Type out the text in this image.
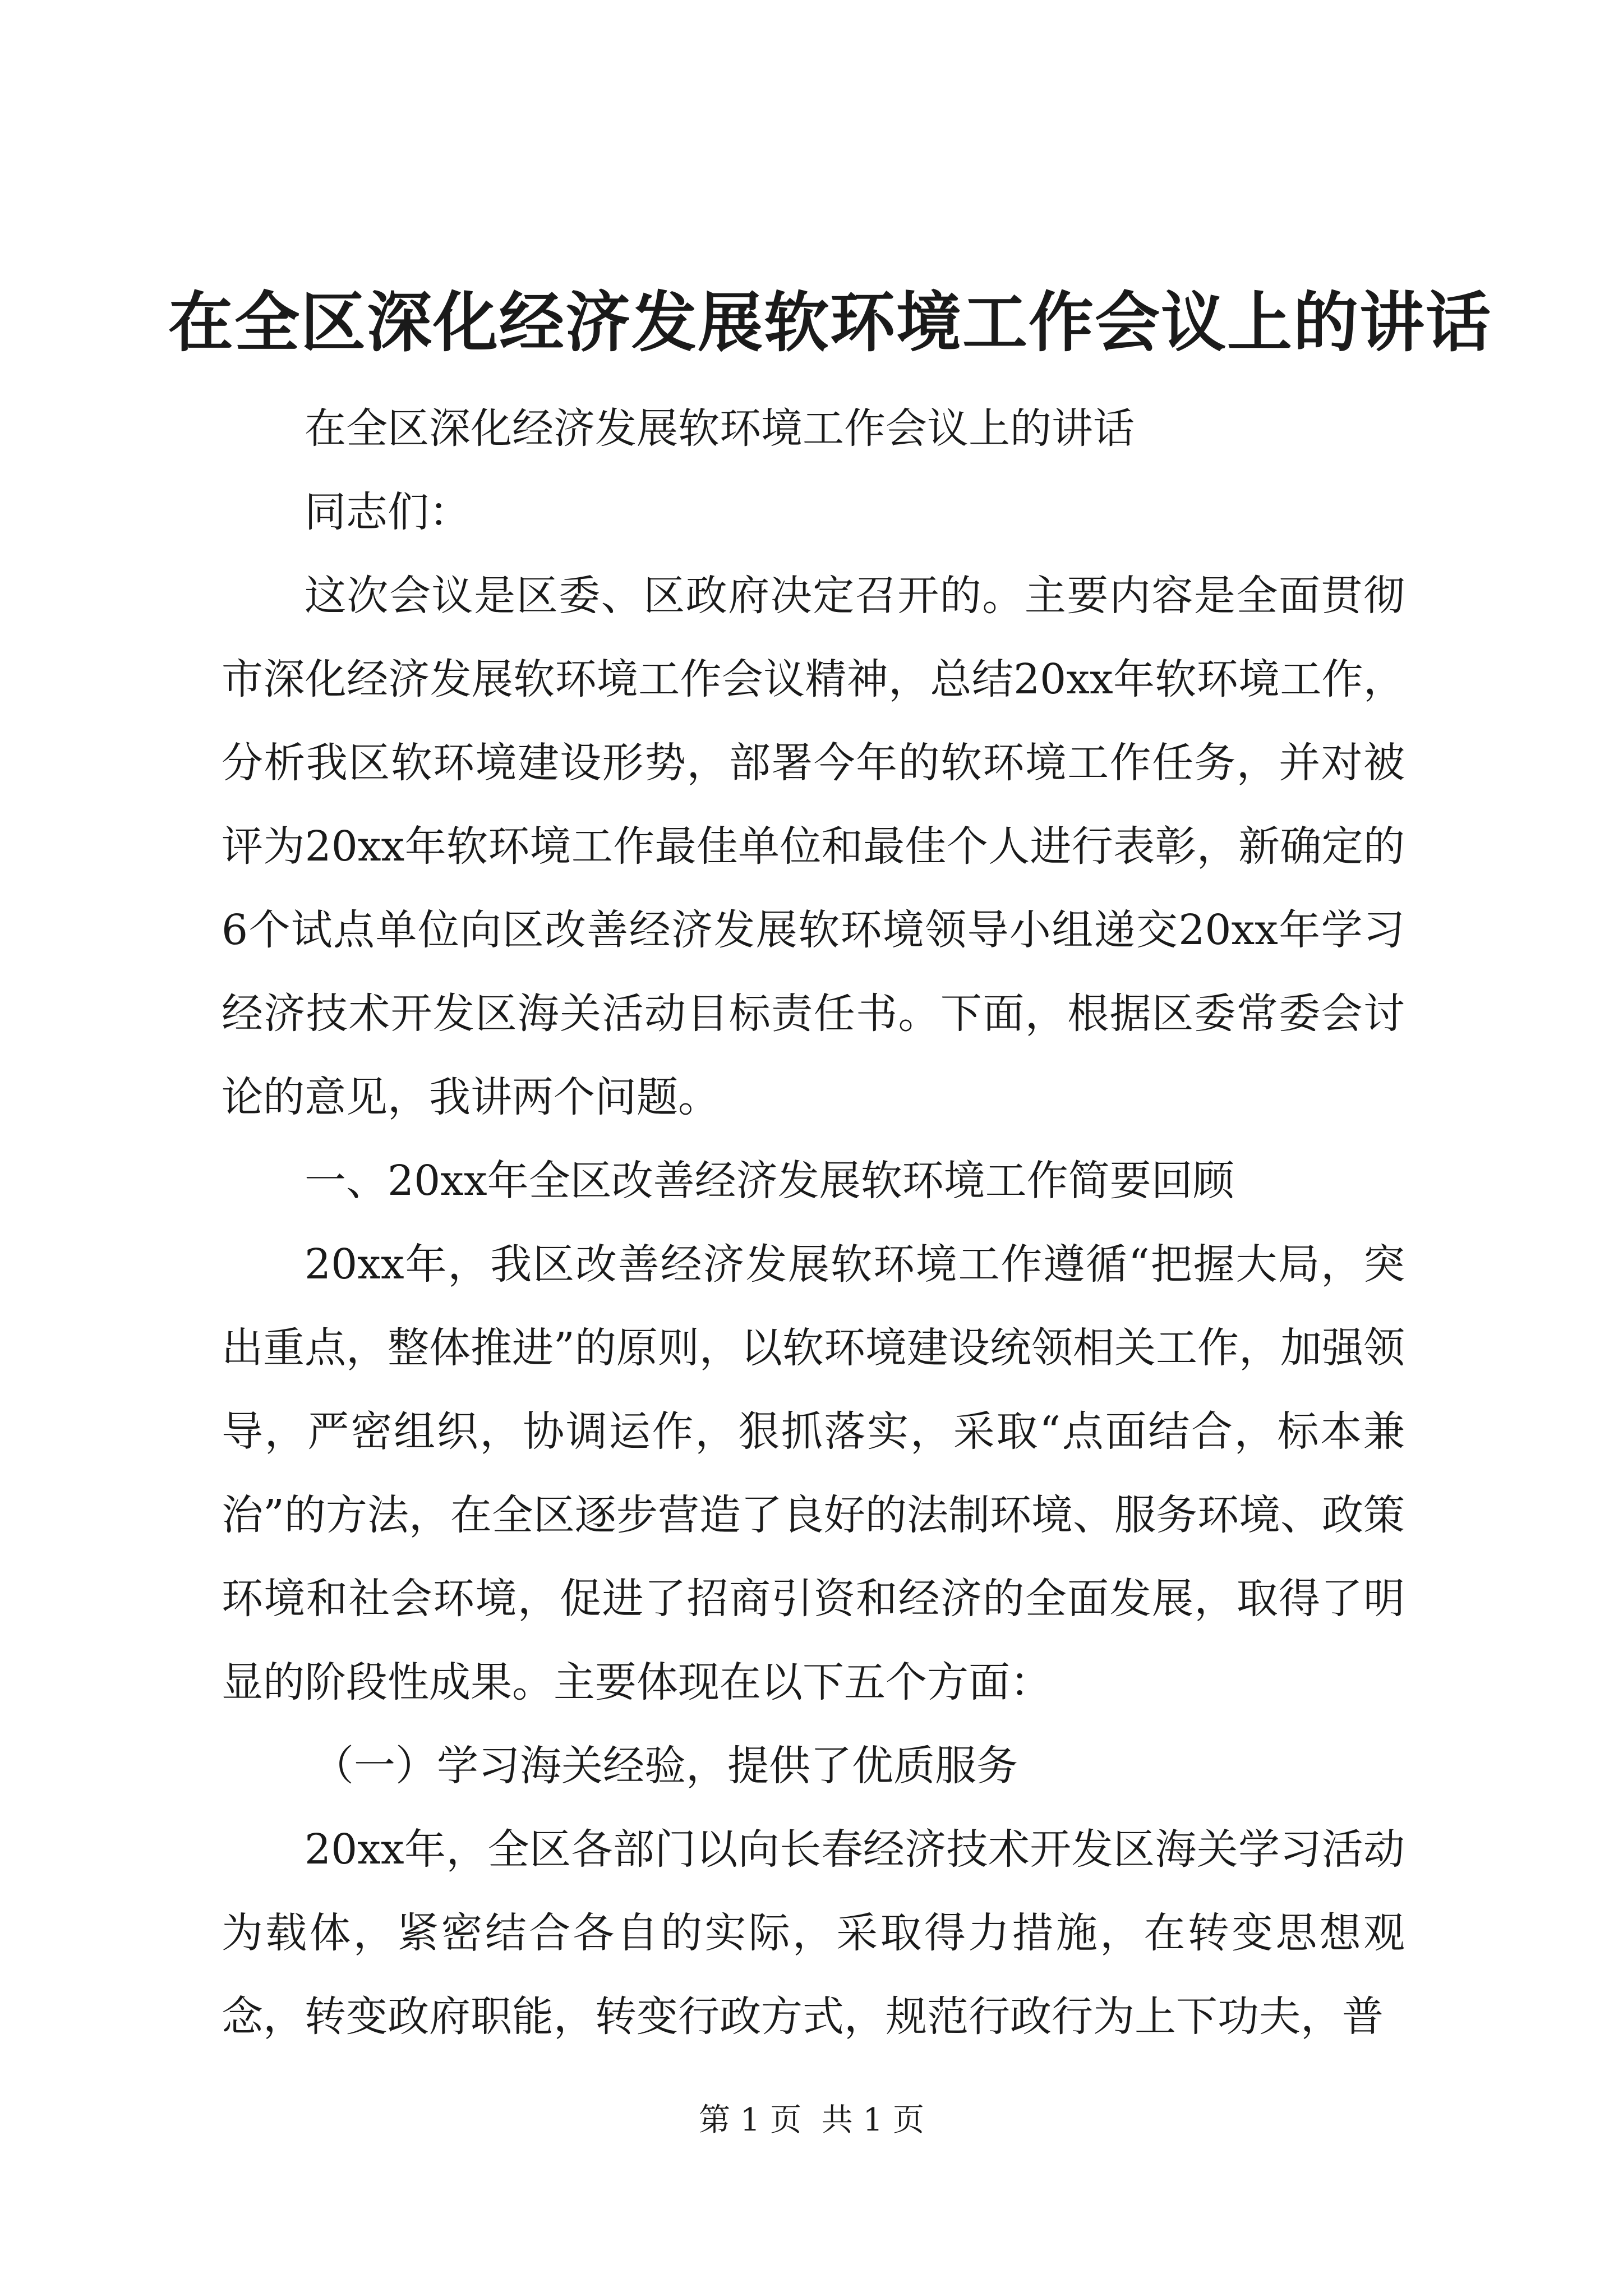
在全区深化经济发展软环境工作会议上的讲话

在全区深化经济发展软环境工作会议上的讲话

同志们：

这次会议是区委、区政府决定召开的。主要内容是全面贯彻市深化经济发展软环境工作会议精神，总结20xx年软环境工作，分析我区软环境建设形势，部署今年的软环境工作任务，并对被评为20xx年软环境工作最佳单位和最佳个人进行表彰，新确定的6个试点单位向区改善经济发展软环境领导小组递交20xx年学习经济技术开发区海关活动目标责任书。下面，根据区委常委会讨论的意见，我讲两个问题。

一、20xx年全区改善经济发展软环境工作简要回顾

20xx年，我区改善经济发展软环境工作遵循“把握大局，突出重点，整体推进”的原则，以软环境建设统领相关工作，加强领导，严密组织，协调运作，狠抓落实，采取“点面结合，标本兼治”的方法，在全区逐步营造了良好的法制环境、服务环境、政策环境和社会环境，促进了招商引资和经济的全面发展，取得了明显的阶段性成果。主要体现在以下五个方面：

（一）学习海关经验，提供了优质服务

20xx年，全区各部门以向长春经济技术开发区海关学习活动为载体，紧密结合各自的实际，采取得力措施，在转变思想观念，转变政府职能，转变行政方式，规范行政行为上下功夫，普

第 1 页  共 1 页
